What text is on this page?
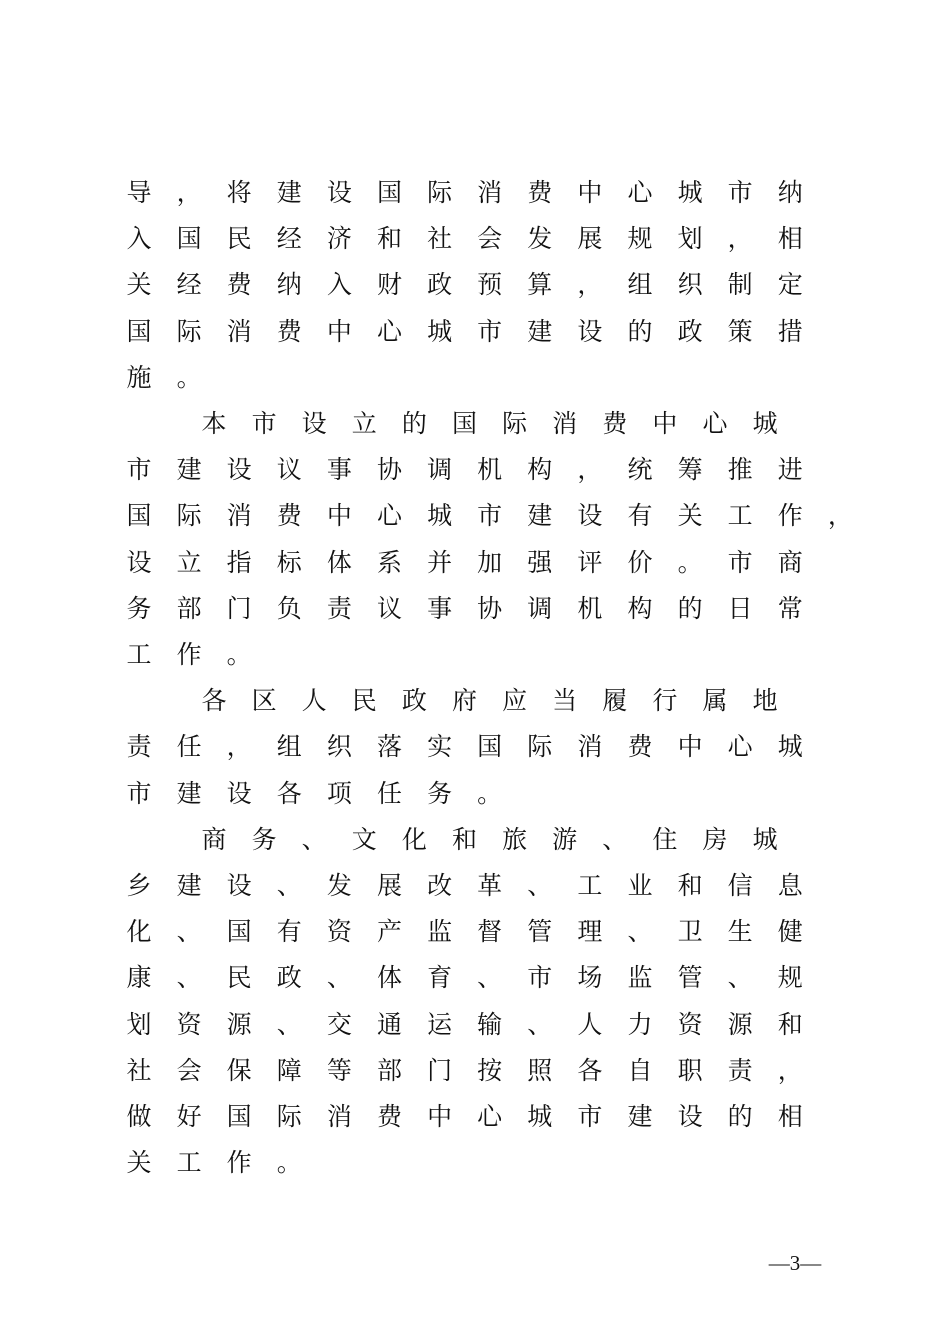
导 ， 将 建 设 国 际 消 费 中 心 城 市 纳
入 国 民 经 济 和 社 会 发 展 规 划 ， 相
关 经 费 纳 入 财 政 预 算 ， 组 织 制 定
国 际 消 费 中 心 城 市 建 设 的 政 策 措
施 。
本 市 设 立 的 国 际 消 费 中 心 城
市 建 设 议 事 协 调 机 构 ， 统 筹 推 进
国 际 消 费 中 心 城 市 建 设 有 关 工 作 ，
设 立 指 标 体 系 并 加 强 评 价 。 市 商
务 部 门 负 责 议 事 协 调 机 构 的 日 常
工 作 。
各 区 人 民 政 府 应 当 履 行 属 地
责 任 ， 组 织 落 实 国 际 消 费 中 心 城
市 建 设 各 项 任 务 。
商 务 、 文 化 和 旅 游 、 住 房 城
乡 建 设 、 发 展 改 革 、 工 业 和 信 息
化 、 国 有 资 产 监 督 管 理 、 卫 生 健
康 、 民 政 、 体 育 、 市 场 监 管 、 规
划 资 源 、 交 通 运 输 、 人 力 资 源 和
社 会 保 障 等 部 门 按 照 各 自 职 责 ，
做 好 国 际 消 费 中 心 城 市 建 设 的 相
关 工 作 。
—3—
